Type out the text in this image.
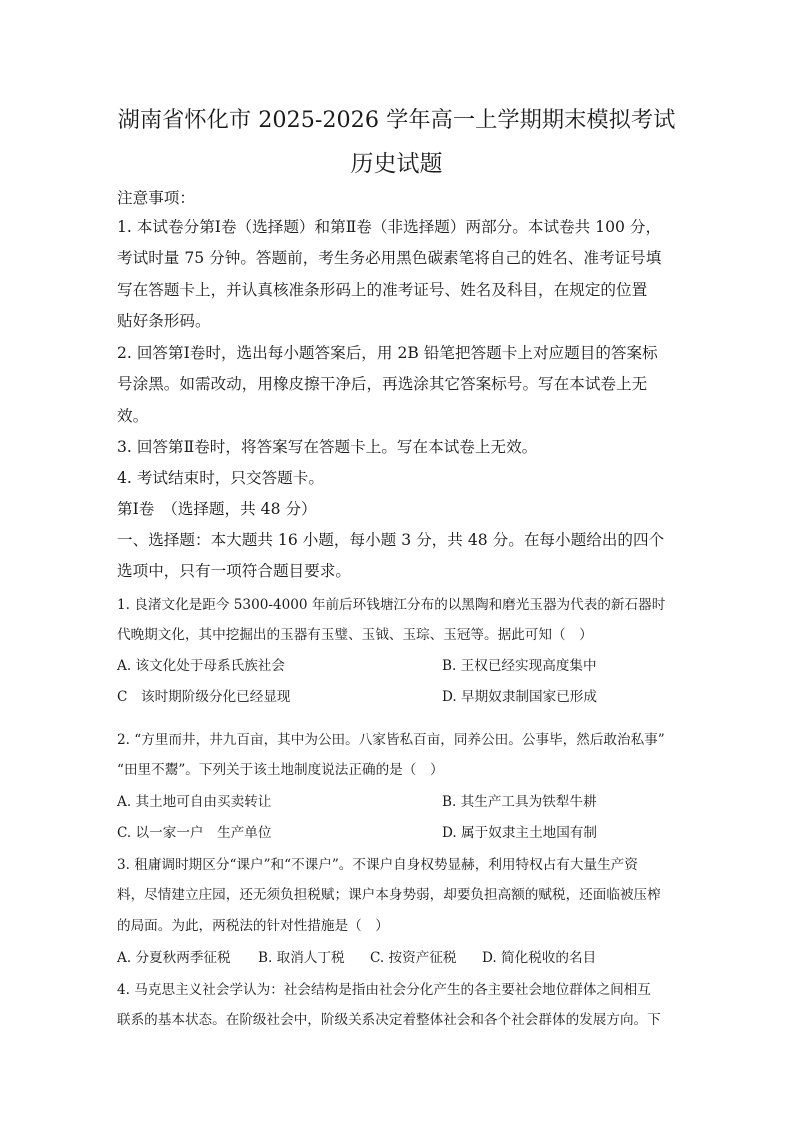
湖南省怀化市 2025-2026 学年高一上学期期末模拟考试
历史试题
注意事项：
1. 本试卷分第Ⅰ卷（选择题）和第Ⅱ卷（非选择题）两部分。本试卷共 100 分，
考试时量 75 分钟。答题前，考生务必用黑色碳素笔将自己的姓名、准考证号填
写在答题卡上，并认真核准条形码上的准考证号、姓名及科目，在规定的位置
贴好条形码。
2. 回答第Ⅰ卷时，选出每小题答案后，用 2B 铅笔把答题卡上对应题目的答案标
号涂黑。如需改动，用橡皮擦干净后，再选涂其它答案标号。写在本试卷上无
效。
3. 回答第Ⅱ卷时，将答案写在答题卡上。写在本试卷上无效。
4. 考试结束时，只交答题卡。
第Ⅰ卷　（选择题，共 48 分）
一、选择题：本大题共 16 小题，每小题 3 分，共 48 分。在每小题给出的四个
选项中，只有一项符合题目要求。
1. 良渚文化是距今 5300-4000 年前后环钱塘江分布的以黑陶和磨光玉器为代表的新石器时
代晚期文化，其中挖掘出的玉器有玉璧、玉钺、玉琮、玉冠等。据此可知（　）
A. 该文化处于母系氏族社会	B. 王权已经实现高度集中
C　该时期阶级分化已经显现	D. 早期奴隶制国家已形成
2. “方里而井，井九百亩，其中为公田。八家皆私百亩，同养公田。公事毕，然后敢治私事”
“田里不鬻”。下列关于该土地制度说法正确的是（　）
A. 其土地可自由买卖转让	B. 其生产工具为铁犁牛耕
C. 以一家一户　生产单位	D. 属于奴隶主土地国有制
3. 租庸调时期区分“课户”和“不课户”。不课户自身权势显赫，利用特权占有大量生产资
料，尽情建立庄园，还无须负担税赋；课户本身势弱，却要负担高额的赋税，还面临被压榨
的局面。为此，两税法的针对性措施是（　）
A. 分夏秋两季征税 B. 取消人丁税 C. 按资产征税 D. 简化税收的名目
4. 马克思主义社会学认为：社会结构是指由社会分化产生的各主要社会地位群体之间相互
联系的基本状态。在阶级社会中，阶级关系决定着整体社会和各个社会群体的发展方向。下
